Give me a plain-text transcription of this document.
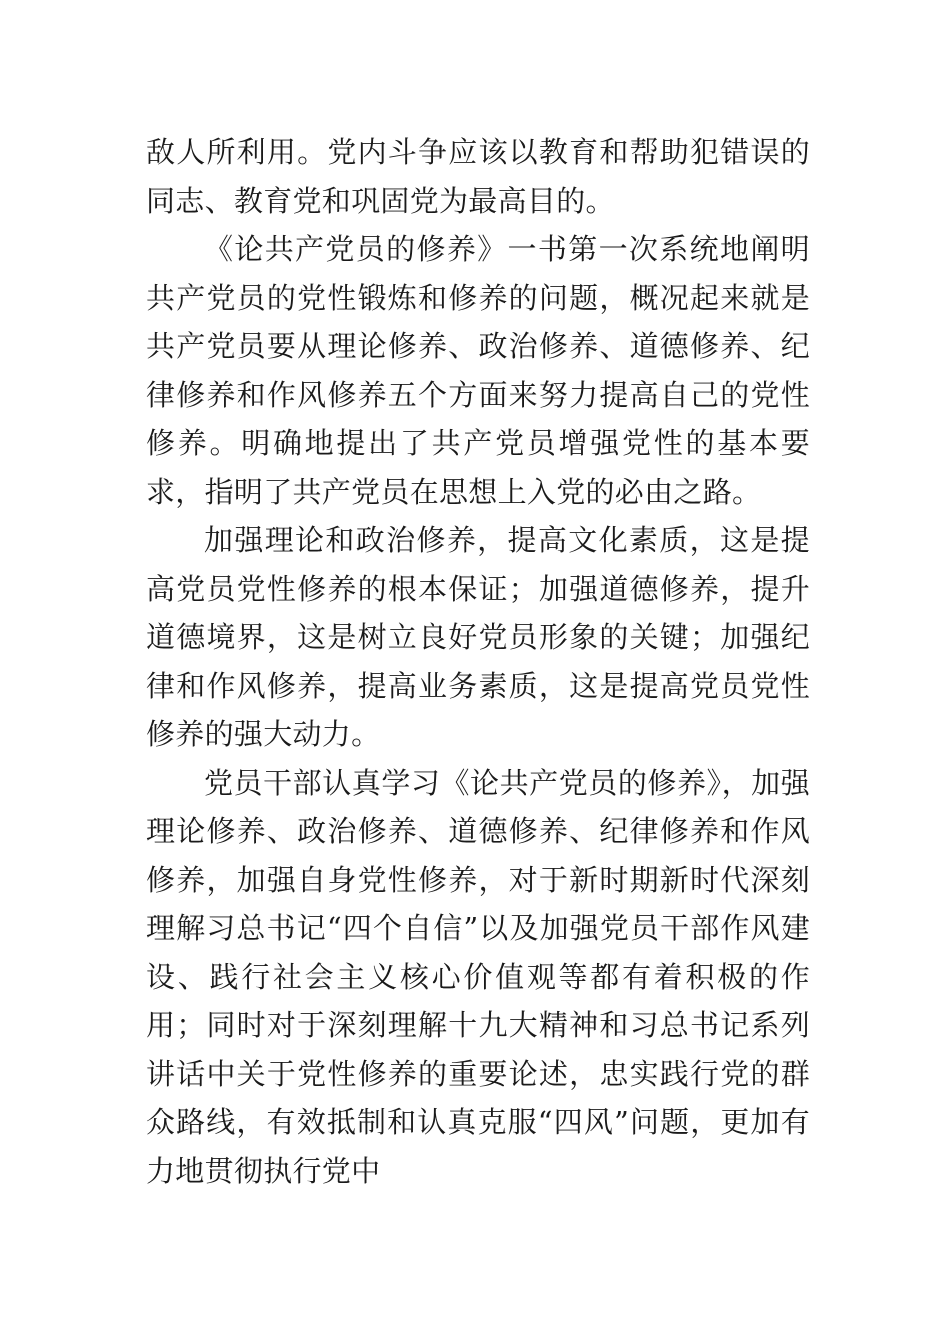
敌人所利用。党内斗争应该以教育和帮助犯错误的同志、教育党和巩固党为最高目的。

《论共产党员的修养》一书第一次系统地阐明共产党员的党性锻炼和修养的问题，概况起来就是共产党员要从理论修养、政治修养、道德修养、纪律修养和作风修养五个方面来努力提高自己的党性修养。明确地提出了共产党员增强党性的基本要求，指明了共产党员在思想上入党的必由之路。

加强理论和政治修养，提高文化素质，这是提高党员党性修养的根本保证；加强道德修养，提升道德境界，这是树立良好党员形象的关键；加强纪律和作风修养，提高业务素质，这是提高党员党性修养的强大动力。

党员干部认真学习《论共产党员的修养》，加强理论修养、政治修养、道德修养、纪律修养和作风修养，加强自身党性修养，对于新时期新时代深刻理解习总书记“四个自信”以及加强党员干部作风建设、践行社会主义核心价值观等都有着积极的作用；同时对于深刻理解十九大精神和习总书记系列讲话中关于党性修养的重要论述，忠实践行党的群众路线，有效抵制和认真克服“四风”问题，更加有力地贯彻执行党中
